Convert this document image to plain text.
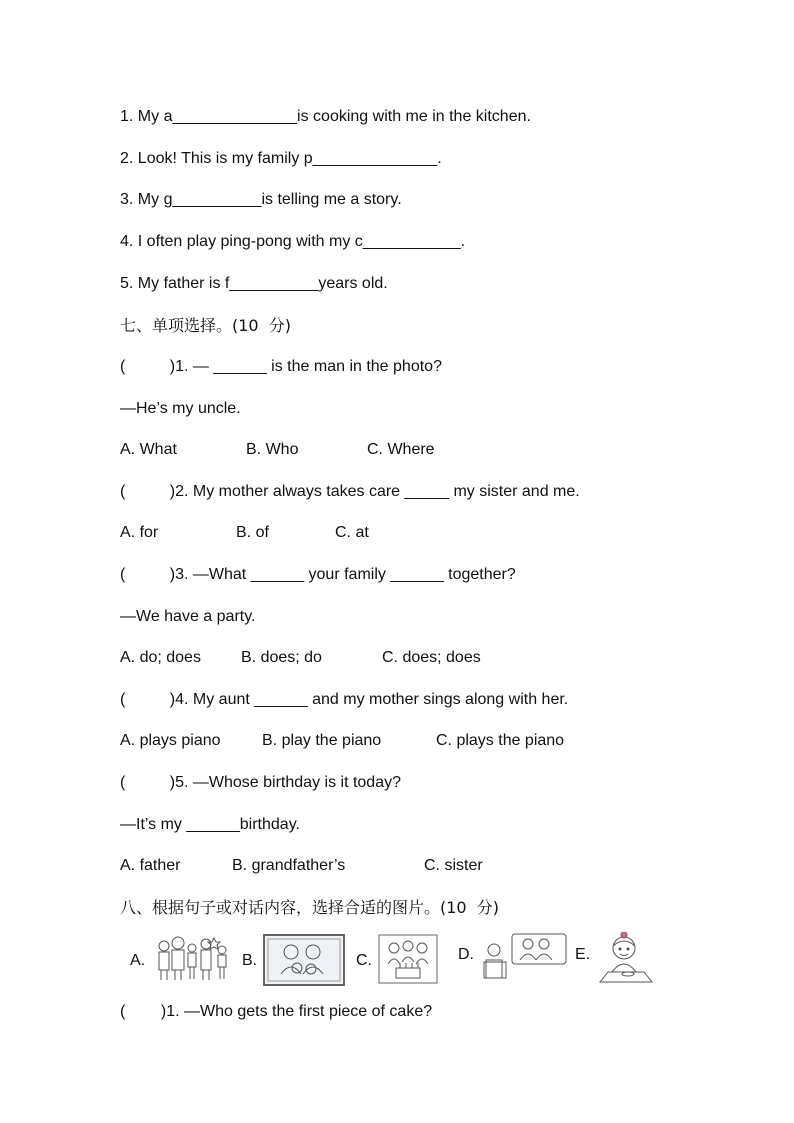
1. My a______________is cooking with me in the kitchen.
2. Look! This is my family p______________.
3. My g__________is telling me a story.
4. I often play ping-pong with my c___________.
5. My father is f__________years old.
七、单项选择。(10  分)
(          )1. — ______ is the man in the photo?
—He’s my uncle.
A. What	B. Who	C. Where
(          )2. My mother always takes care _____ my sister and me.
A. for	B. of	C. at
(          )3. —What ______ your family ______ together?
—We have a party.
A. do; does	B. does; do	C. does; does
(          )4. My aunt ______ and my mother sings along with her.
A. plays piano	B. play the piano	C. plays the piano
(          )5. —Whose birthday is it today?
—It’s my ______birthday.
A. father	B. grandfather’s	C. sister
八、根据句子或对话内容，选择合适的图片。(10  分)
A.	B.	C.	D.	E.
(        )1. —Who gets the first piece of cake?
